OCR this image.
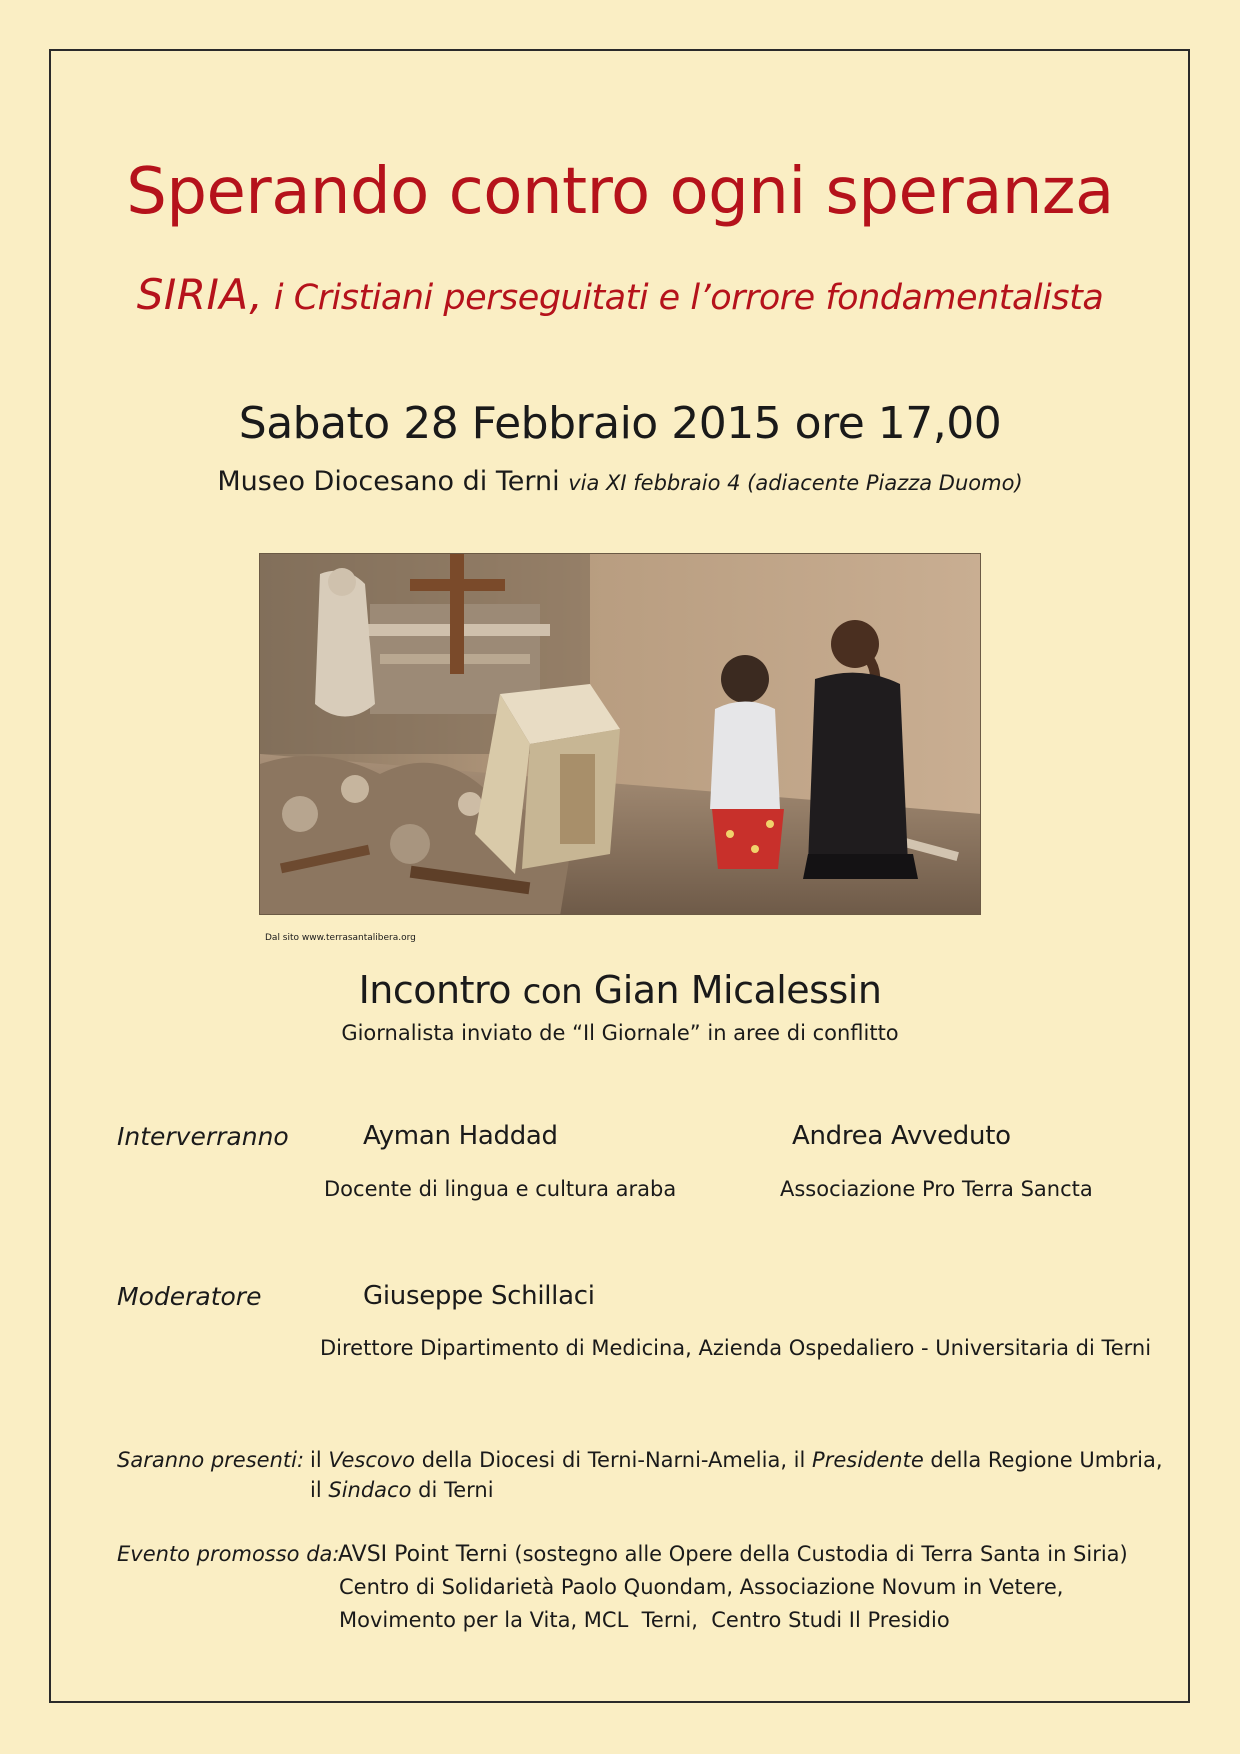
Sperando contro ogni speranza
SIRIA, i Cristiani perseguitati e l’orrore fondamentalista
Sabato 28 Febbraio 2015 ore 17,00
Museo Diocesano di Terni via XI febbraio 4 (adiacente Piazza Duomo)
Dal sito www.terrasantalibera.org
Incontro con Gian Micalessin
Giornalista inviato de “Il Giornale” in aree di conflitto
Interverranno	Ayman Haddad	Andrea Avveduto
Docente di lingua e cultura araba	Associazione Pro Terra Sancta
Moderatore	Giuseppe Schillaci
Direttore Dipartimento di Medicina, Azienda Ospedaliero - Universitaria di Terni
Saranno presenti: il Vescovo della Diocesi di Terni-Narni-Amelia, il Presidente della Regione Umbria,
il Sindaco di Terni
Evento promosso da:
AVSI Point Terni (sostegno alle Opere della Custodia di Terra Santa in Siria)
Centro di Solidarietà Paolo Quondam, Associazione Novum in Vetere,
Movimento per la Vita, MCL  Terni,  Centro Studi Il Presidio
